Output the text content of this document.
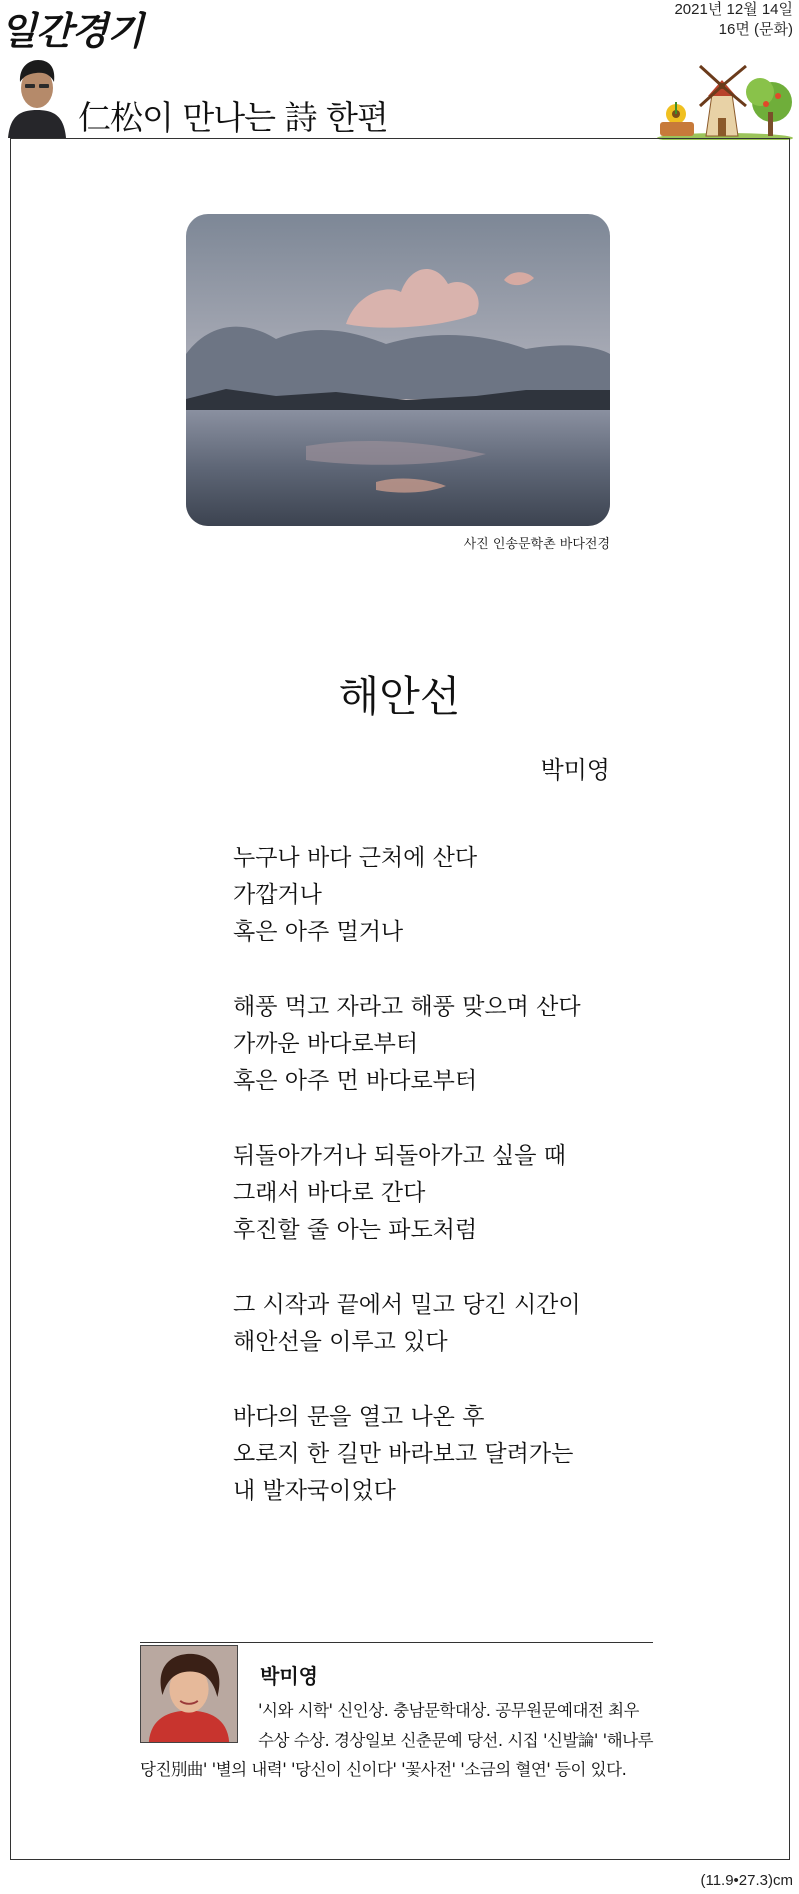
일간경기	2021년 12월 14일
16면 (문화)
仁松이 만나는 詩 한편
사진 인송문학촌 바다전경
해안선
박미영
누구나 바다 근처에 산다
가깝거나
혹은 아주 멀거나
해풍 먹고 자라고 해풍 맞으며 산다
가까운 바다로부터
혹은 아주 먼 바다로부터
뒤돌아가거나 되돌아가고 싶을 때
그래서 바다로 간다
후진할 줄 아는 파도처럼
그 시작과 끝에서 밀고 당긴 시간이
해안선을 이루고 있다
바다의 문을 열고 나온 후
오로지 한 길만 바라보고 달려가는
내 발자국이었다
박미영
'시와 시학' 신인상. 충남문학대상. 공무원문예대전 최우
수상 수상. 경상일보 신춘문예 당선. 시집 '신발論' '해나루
당진別曲' '별의 내력' '당신이 신이다' '꽃사전' '소금의 혈연' 등이 있다.
(11.9•27.3)cm
